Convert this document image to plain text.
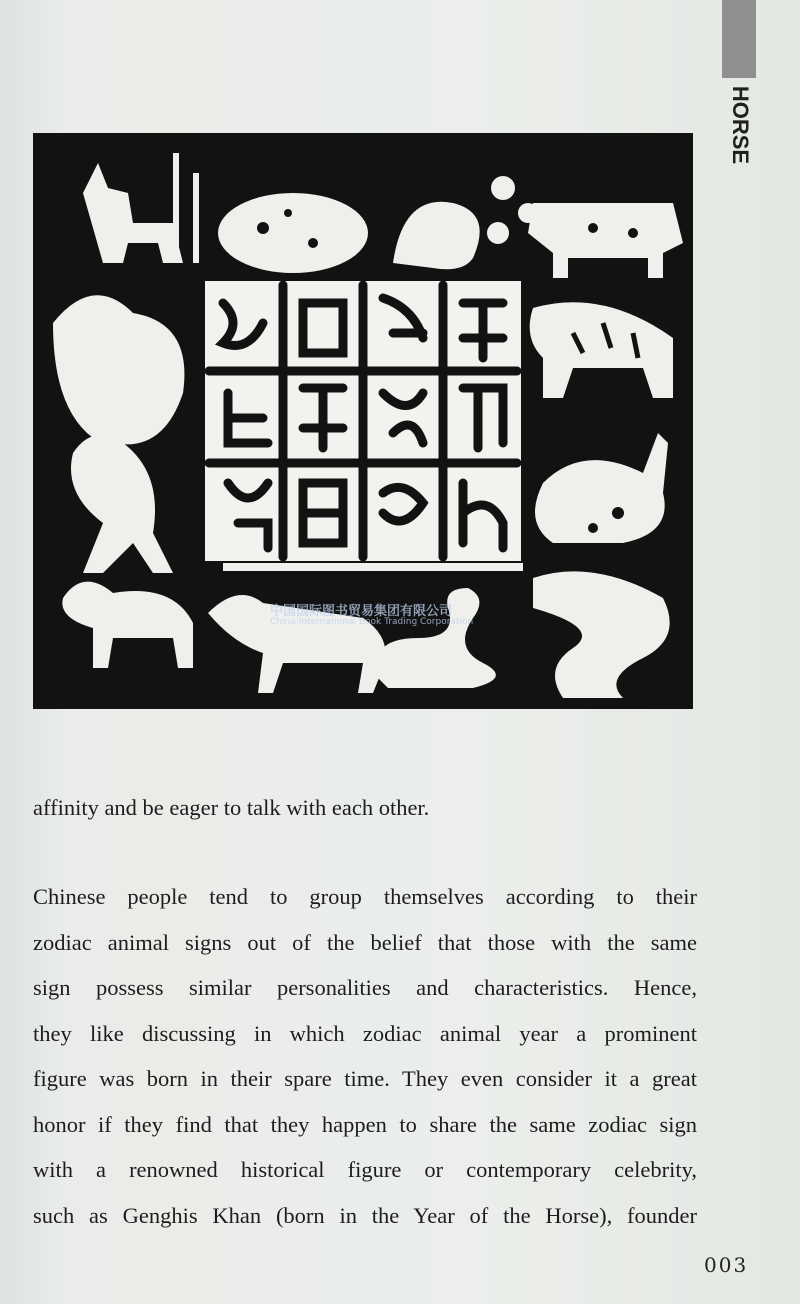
HORSE
中国国际图书贸易集团有限公司
China International Book Trading Corporation
affinity and be eager to talk with each other.
Chinese people tend to group themselves according to their
zodiac animal signs out of the belief that those with the same
sign possess similar personalities and characteristics. Hence,
they like discussing in which zodiac animal year a prominent
figure was born in their spare time. They even consider it a great
honor if they find that they happen to share the same zodiac sign
with a renowned historical figure or contemporary celebrity,
such as Genghis Khan (born in the Year of the Horse), founder
003
